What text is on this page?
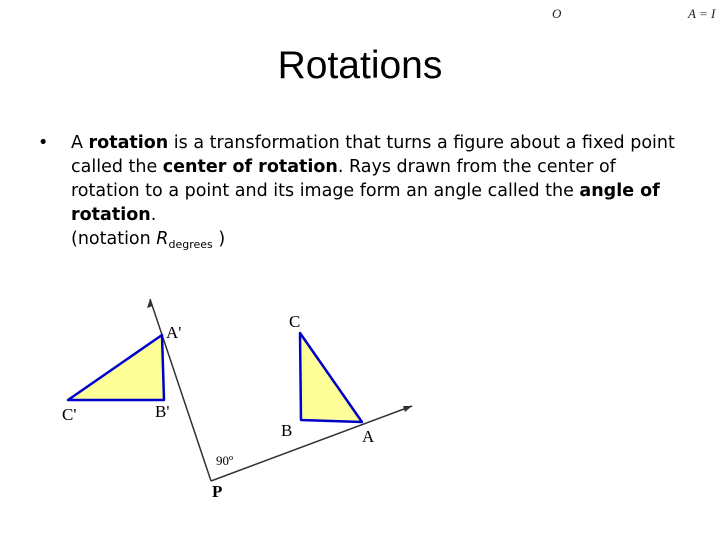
O	A = I
Rotations
• A rotation is a transformation that turns a figure about a fixed point called the center of rotation. Rays drawn from the center of rotation to a point and its image form an angle called the angle of rotation.
(notation $R_{degrees}$ )
A'
B'
C'
C
B	A
90º
P
